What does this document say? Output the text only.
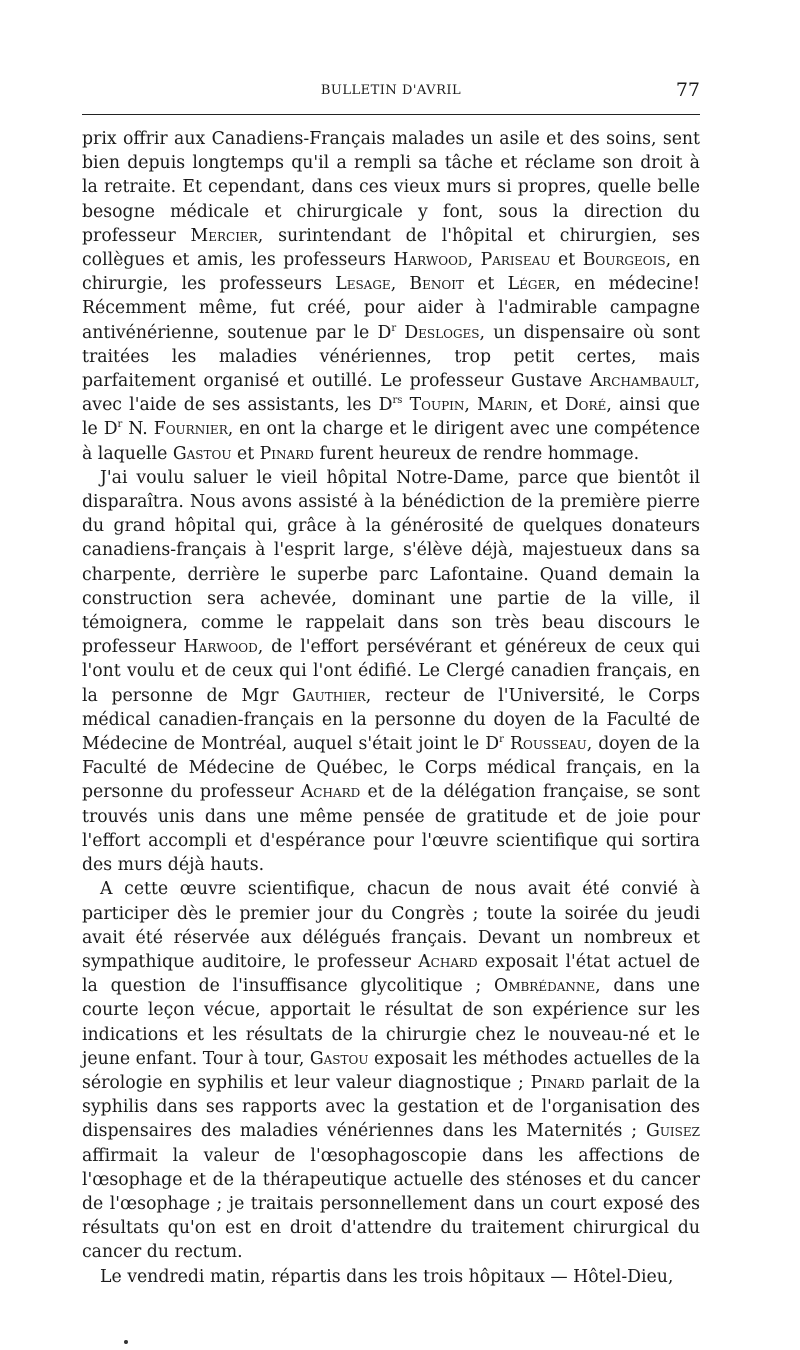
BULLETIN D'AVRIL	77

prix offrir aux Canadiens-Français malades un asile et des soins, sent bien depuis longtemps qu'il a rempli sa tâche et réclame son droit à la retraite. Et cependant, dans ces vieux murs si propres, quelle belle besogne médicale et chirurgicale y font, sous la direction du professeur Mercier, surintendant de l'hôpital et chirurgien, ses collègues et amis, les professeurs Harwood, Pariseau et Bourgeois, en chirurgie, les professeurs Lesage, Benoit et Léger, en médecine! Récemment même, fut créé, pour aider à l'admirable campagne antivénérienne, soutenue par le $D^r$ Desloges, un dispensaire où sont traitées les maladies vénériennes, trop petit certes, mais parfaitement organisé et outillé. Le professeur Gustave Archambault, avec l'aide de ses assistants, les $D^{rs}$ Toupin, Marin, et Doré, ainsi que le $D^r$ N. Fournier, en ont la charge et le dirigent avec une compétence à laquelle Gastou et Pinard furent heureux de rendre hommage.

J'ai voulu saluer le vieil hôpital Notre-Dame, parce que bientôt il disparaîtra. Nous avons assisté à la bénédiction de la première pierre du grand hôpital qui, grâce à la générosité de quelques donateurs canadiens-français à l'esprit large, s'élève déjà, majestueux dans sa charpente, derrière le superbe parc Lafontaine. Quand demain la construction sera achevée, dominant une partie de la ville, il témoignera, comme le rappelait dans son très beau discours le professeur Harwood, de l'effort persévérant et généreux de ceux qui l'ont voulu et de ceux qui l'ont édifié. Le Clergé canadien français, en la personne de Mgr Gauthier, recteur de l'Université, le Corps médical canadien-français en la personne du doyen de la Faculté de Médecine de Montréal, auquel s'était joint le $D^r$ Rousseau, doyen de la Faculté de Médecine de Québec, le Corps médical français, en la personne du professeur Achard et de la délégation française, se sont trouvés unis dans une même pensée de gratitude et de joie pour l'effort accompli et d'espérance pour l'œuvre scientifique qui sortira des murs déjà hauts.

A cette œuvre scientifique, chacun de nous avait été convié à participer dès le premier jour du Congrès ; toute la soirée du jeudi avait été réservée aux délégués français. Devant un nombreux et sympathique auditoire, le professeur Achard exposait l'état actuel de la question de l'insuffisance glycolitique ; Ombrédanne, dans une courte leçon vécue, apportait le résultat de son expérience sur les indications et les résultats de la chirurgie chez le nouveau-né et le jeune enfant. Tour à tour, Gastou exposait les méthodes actuelles de la sérologie en syphilis et leur valeur diagnostique ; Pinard parlait de la syphilis dans ses rapports avec la gestation et de l'organisation des dispensaires des maladies vénériennes dans les Maternités ; Guisez affirmait la valeur de l'œsophagoscopie dans les affections de l'œsophage et de la thérapeutique actuelle des sténoses et du cancer de l'œsophage ; je traitais personnellement dans un court exposé des résultats qu'on est en droit d'attendre du traitement chirurgical du cancer du rectum.

Le vendredi matin, répartis dans les trois hôpitaux — Hôtel-Dieu,
